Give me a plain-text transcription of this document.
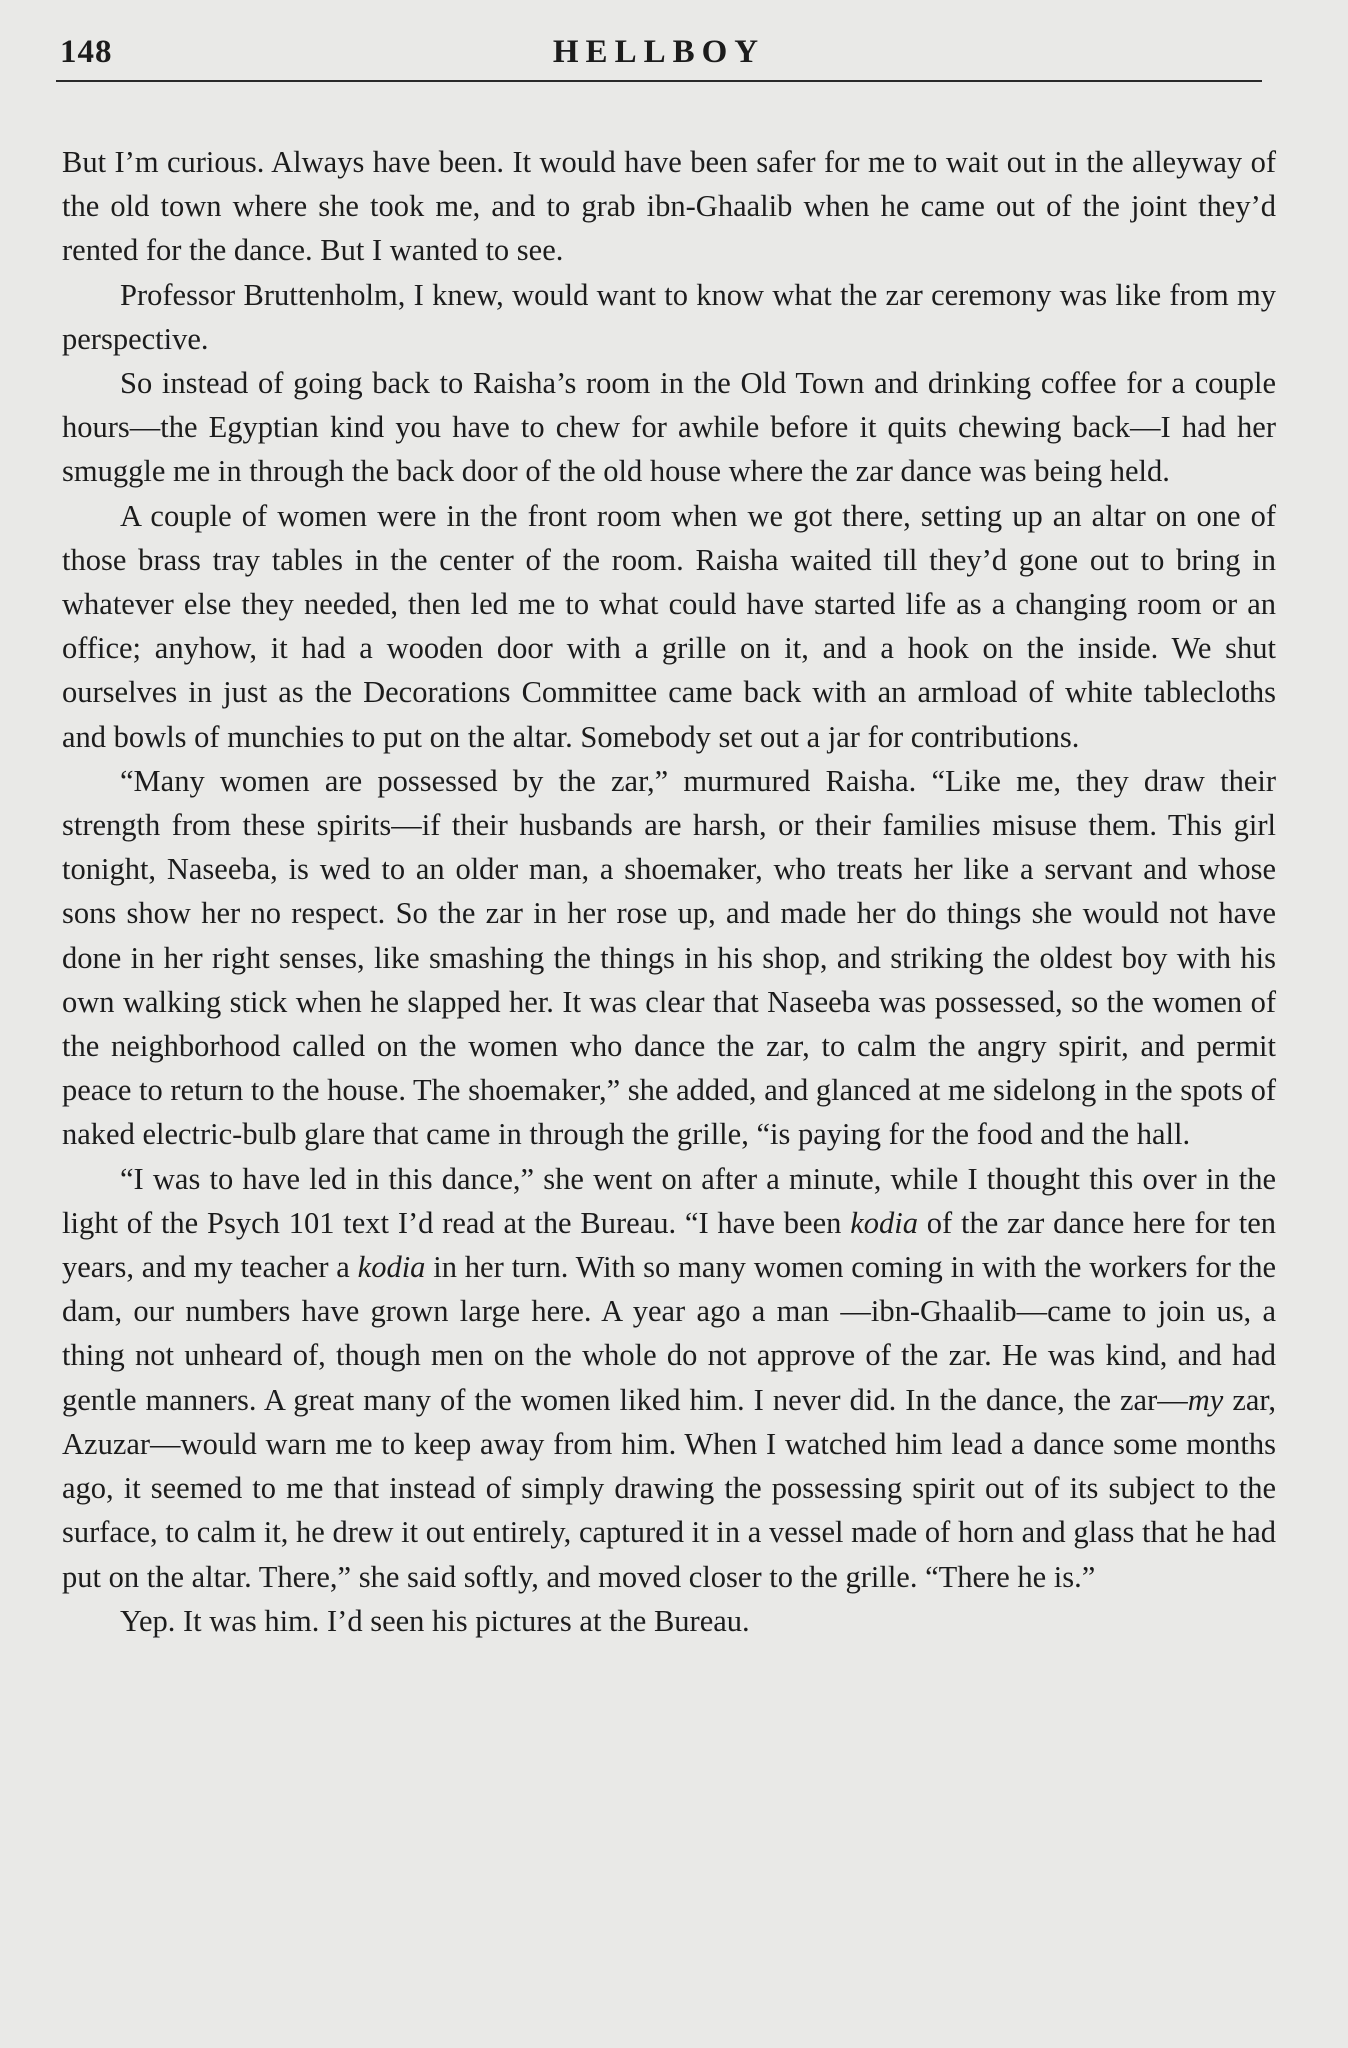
148	HELLBOY

But I’m curious. Always have been. It would have been safer for me to wait out in the alleyway of the old town where she took me, and to grab ibn-Ghaalib when he came out of the joint they’d rented for the dance. But I wanted to see.

Professor Bruttenholm, I knew, would want to know what the zar ceremony was like from my perspective.

So instead of going back to Raisha’s room in the Old Town and drinking coffee for a couple hours—the Egyptian kind you have to chew for awhile before it quits chewing back—I had her smuggle me in through the back door of the old house where the zar dance was being held.

A couple of women were in the front room when we got there, setting up an altar on one of those brass tray tables in the center of the room. Raisha waited till they’d gone out to bring in whatever else they needed, then led me to what could have started life as a changing room or an office; anyhow, it had a wooden door with a grille on it, and a hook on the inside. We shut ourselves in just as the Decorations Committee came back with an armload of white tablecloths and bowls of munchies to put on the altar. Somebody set out a jar for contributions.

“Many women are possessed by the zar,” murmured Raisha. “Like me, they draw their strength from these spirits—if their husbands are harsh, or their families misuse them. This girl tonight, Naseeba, is wed to an older man, a shoemaker, who treats her like a servant and whose sons show her no respect. So the zar in her rose up, and made her do things she would not have done in her right senses, like smashing the things in his shop, and striking the oldest boy with his own walking stick when he slapped her. It was clear that Naseeba was possessed, so the women of the neighborhood called on the women who dance the zar, to calm the angry spirit, and permit peace to return to the house. The shoemaker,” she added, and glanced at me sidelong in the spots of naked electric-bulb glare that came in through the grille, “is paying for the food and the hall.

“I was to have led in this dance,” she went on after a minute, while I thought this over in the light of the Psych 101 text I’d read at the Bureau. “I have been kodia of the zar dance here for ten years, and my teacher a kodia in her turn. With so many women coming in with the workers for the dam, our numbers have grown large here. A year ago a man —ibn-Ghaalib—came to join us, a thing not unheard of, though men on the whole do not approve of the zar. He was kind, and had gentle manners. A great many of the women liked him. I never did. In the dance, the zar—my zar, Azuzar—would warn me to keep away from him. When I watched him lead a dance some months ago, it seemed to me that instead of simply drawing the possessing spirit out of its subject to the surface, to calm it, he drew it out entirely, captured it in a vessel made of horn and glass that he had put on the altar. There,” she said softly, and moved closer to the grille. “There he is.”

Yep. It was him. I’d seen his pictures at the Bureau.
